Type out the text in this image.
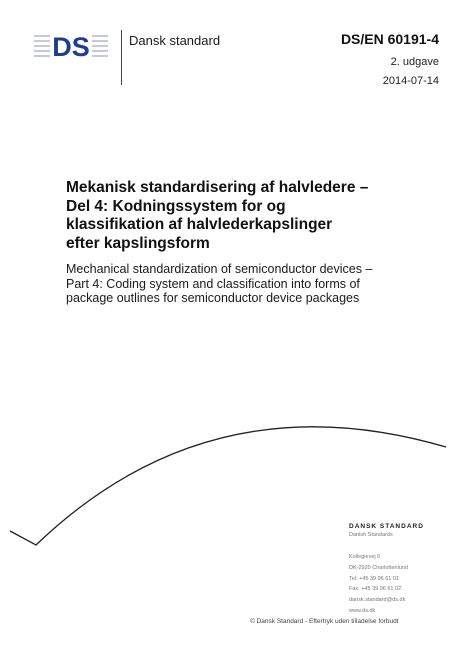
DS	Dansk standard	DS/EN 60191-4
2. udgave
2014-07-14
Mekanisk standardisering af halvledere –
Del 4: Kodningssystem for og
klassifikation af halvlederkapslinger
efter kapslingsform
Mechanical standardization of semiconductor devices –
Part 4: Coding system and classification into forms of
package outlines for semiconductor device packages
DANSK STANDARD
Danish Standards
Kollegievej 6
DK-2920 Charlottenlund
Tel: +45 39 96 61 01
Fax: +45 39 96 61 02
dansk.standard@ds.dk
www.ds.dk
© Dansk Standard - Eftertryk uden tilladelse forbudt
